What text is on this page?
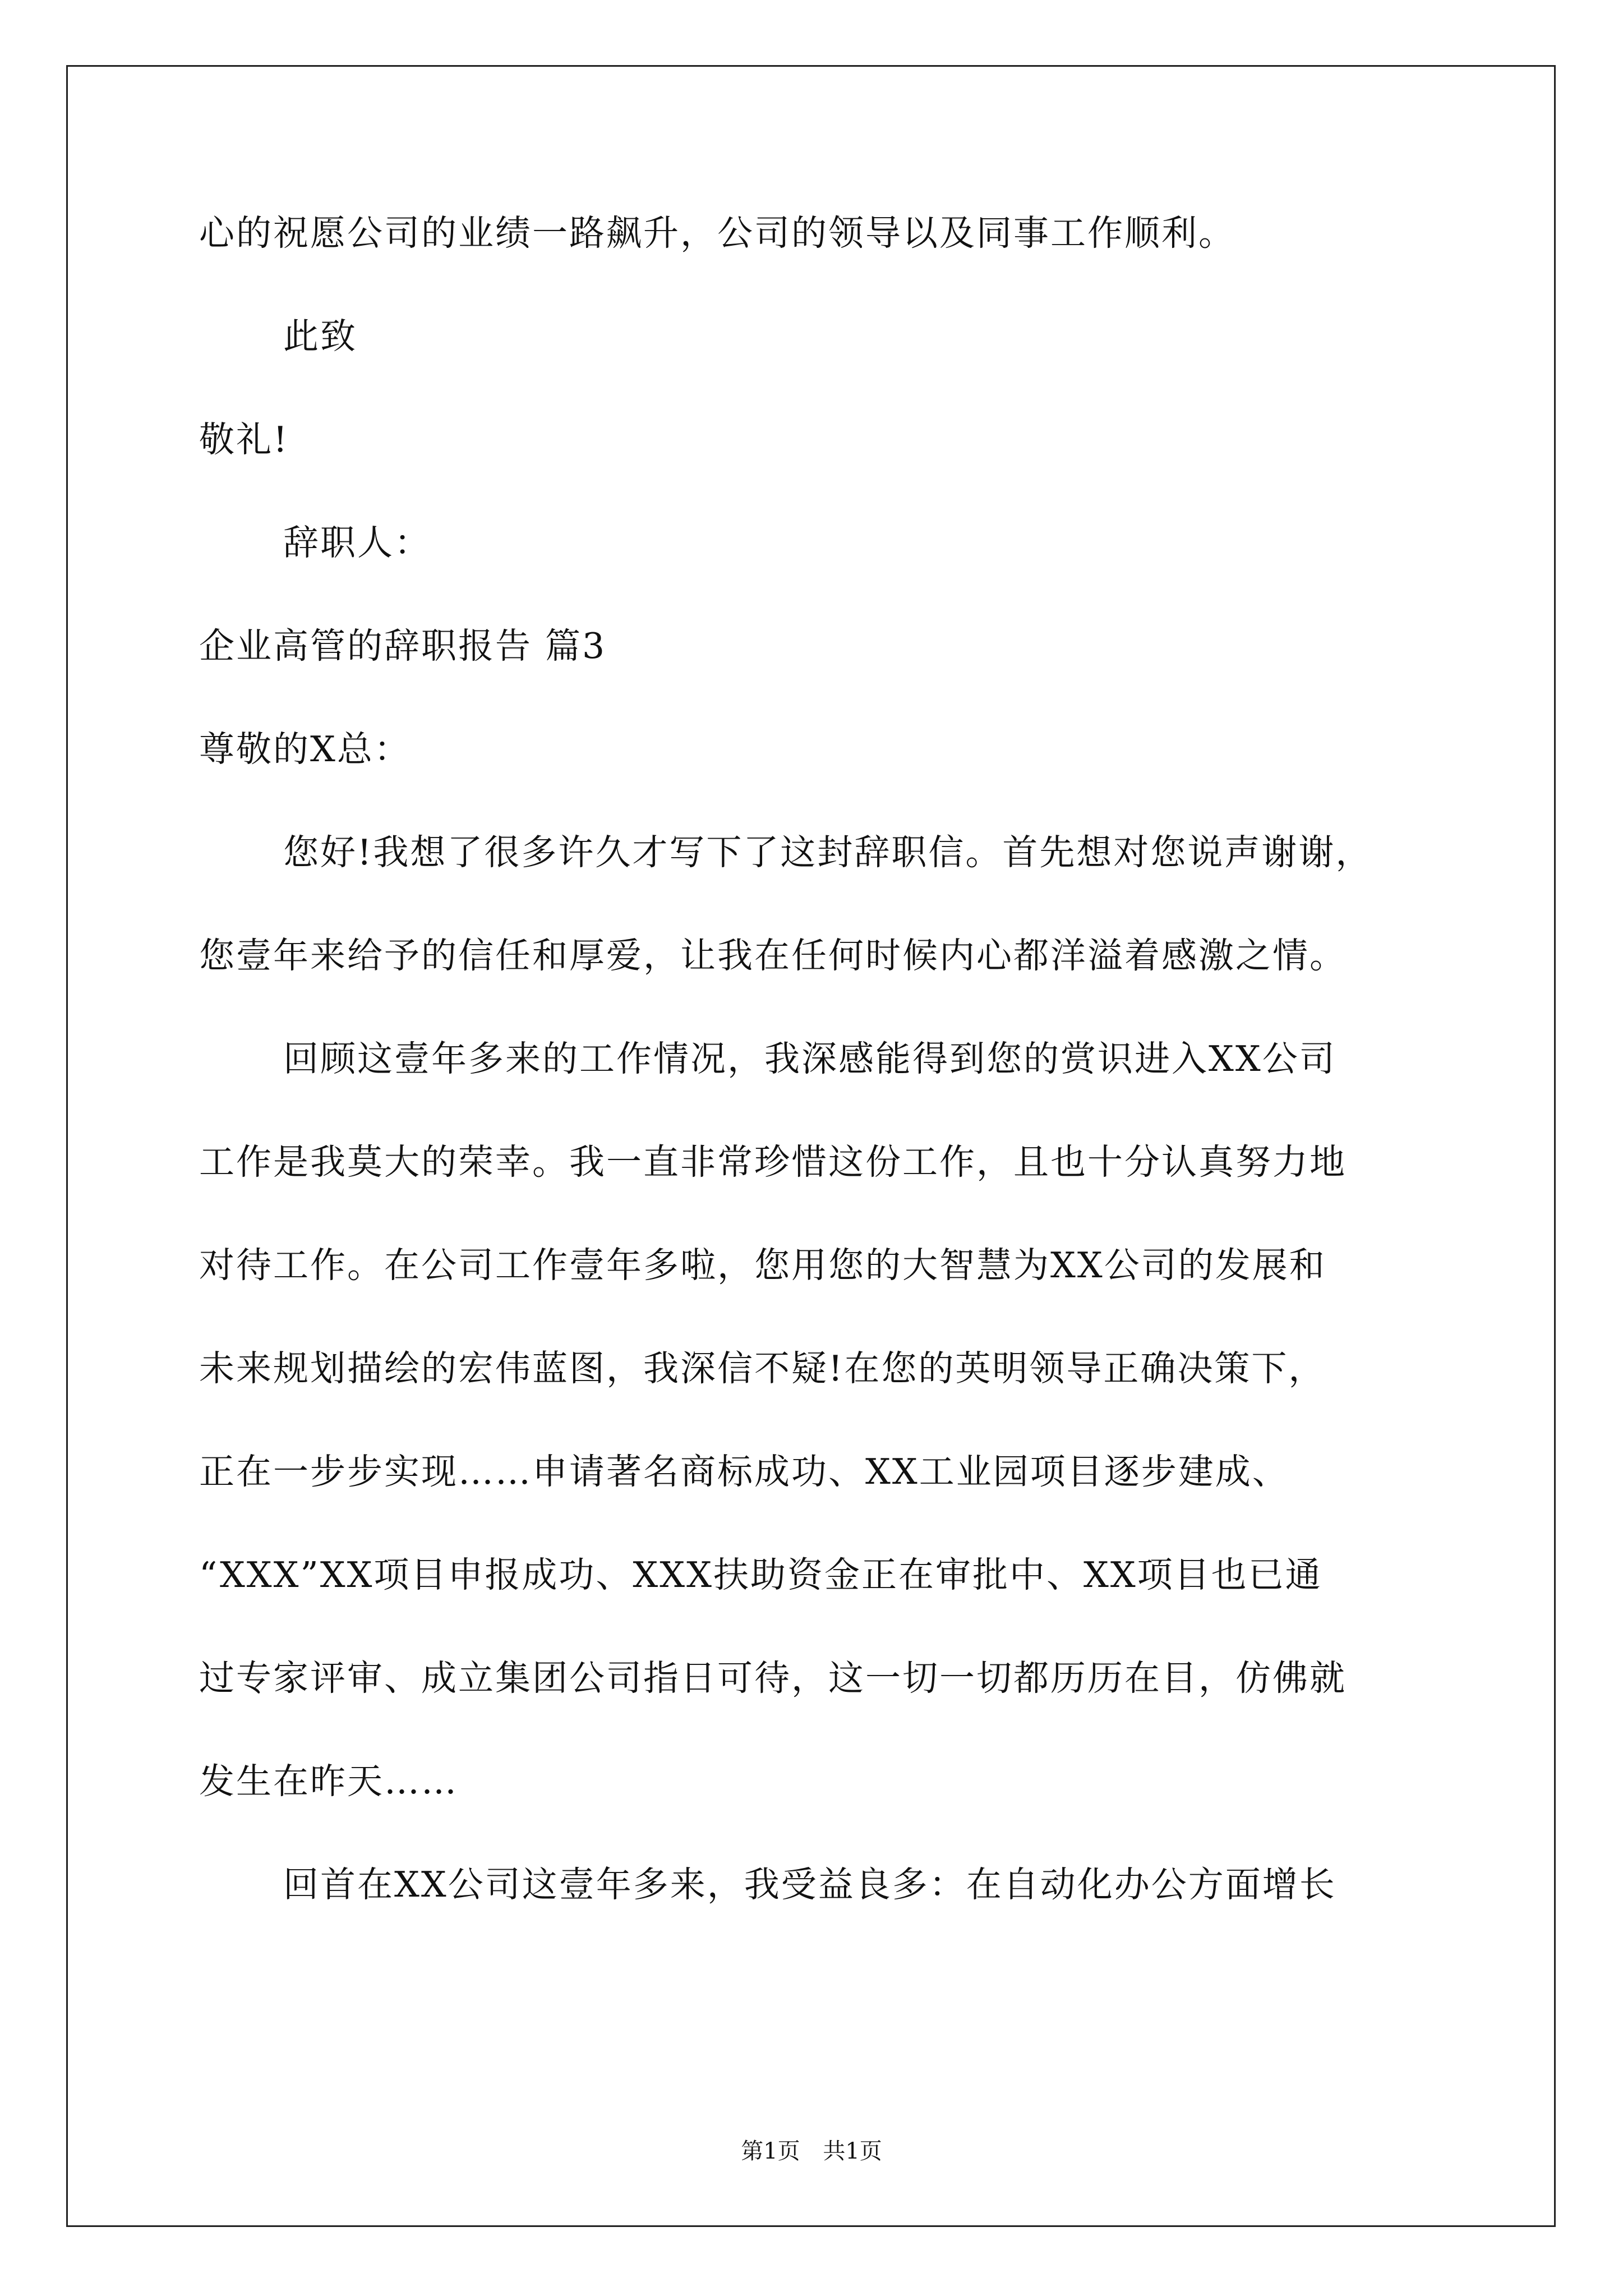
心的祝愿公司的业绩一路飙升，公司的领导以及同事工作顺利。
此致
敬礼!
辞职人：
企业高管的辞职报告 篇3
尊敬的X总：
您好!我想了很多许久才写下了这封辞职信。首先想对您说声谢谢，
您壹年来给予的信任和厚爱，让我在任何时候内心都洋溢着感激之情。
回顾这壹年多来的工作情况，我深感能得到您的赏识进入XX公司
工作是我莫大的荣幸。我一直非常珍惜这份工作，且也十分认真努力地
对待工作。在公司工作壹年多啦，您用您的大智慧为XX公司的发展和
未来规划描绘的宏伟蓝图，我深信不疑!在您的英明领导正确决策下，
正在一步步实现……申请著名商标成功、XX工业园项目逐步建成、
“XXX”XX项目申报成功、XXX扶助资金正在审批中、XX项目也已通
过专家评审、成立集团公司指日可待，这一切一切都历历在目，仿佛就
发生在昨天……
回首在XX公司这壹年多来，我受益良多：在自动化办公方面增长
第1页 共1页
